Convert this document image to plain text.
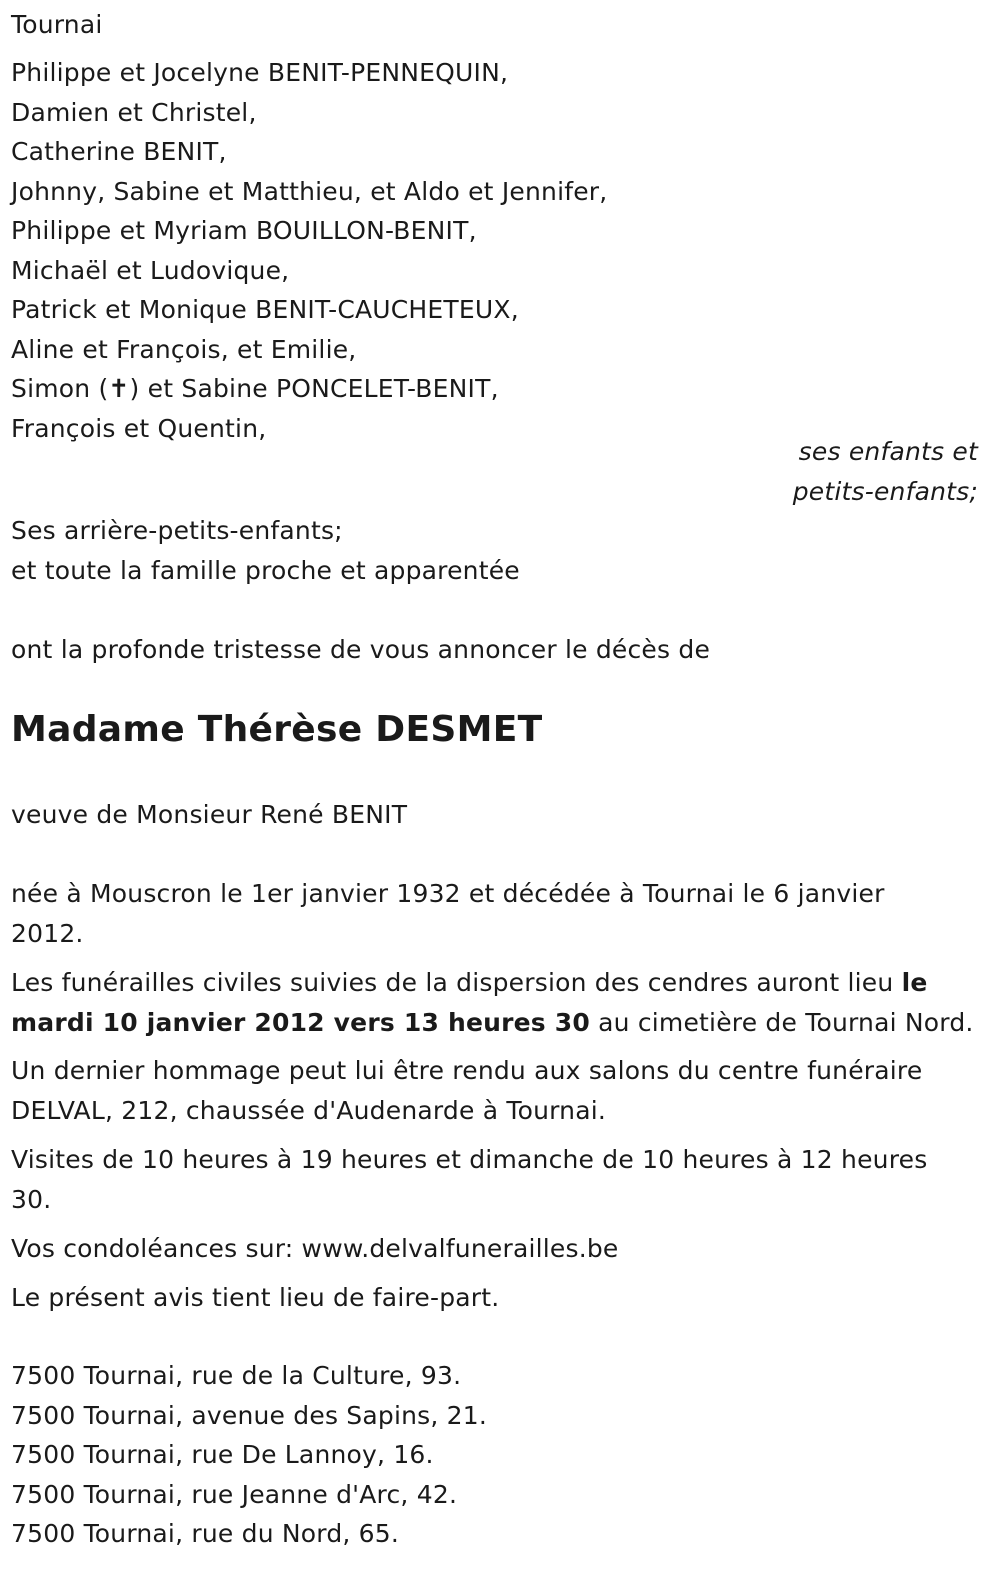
Tournai
Philippe et Jocelyne BENIT-PENNEQUIN,
Damien et Christel,
Catherine BENIT,
Johnny, Sabine et Matthieu, et Aldo et Jennifer,
Philippe et Myriam BOUILLON-BENIT,
Michaël et Ludovique,
Patrick et Monique BENIT-CAUCHETEUX,
Aline et François, et Emilie,
Simon (✝) et Sabine PONCELET-BENIT,
François et Quentin,
ses enfants et
petits-enfants;
Ses arrière-petits-enfants;
et toute la famille proche et apparentée
ont la profonde tristesse de vous annoncer le décès de
Madame Thérèse DESMET
veuve de Monsieur René BENIT
née à Mouscron le 1er janvier 1932 et décédée à Tournai le 6 janvier
2012.
Les funérailles civiles suivies de la dispersion des cendres auront lieu le
mardi 10 janvier 2012 vers 13 heures 30 au cimetière de Tournai Nord.
Un dernier hommage peut lui être rendu aux salons du centre funéraire
DELVAL, 212, chaussée d'Audenarde à Tournai.
Visites de 10 heures à 19 heures et dimanche de 10 heures à 12 heures
30.
Vos condoléances sur: www.delvalfunerailles.be
Le présent avis tient lieu de faire-part.
7500 Tournai, rue de la Culture, 93.
7500 Tournai, avenue des Sapins, 21.
7500 Tournai, rue De Lannoy, 16.
7500 Tournai, rue Jeanne d'Arc, 42.
7500 Tournai, rue du Nord, 65.
